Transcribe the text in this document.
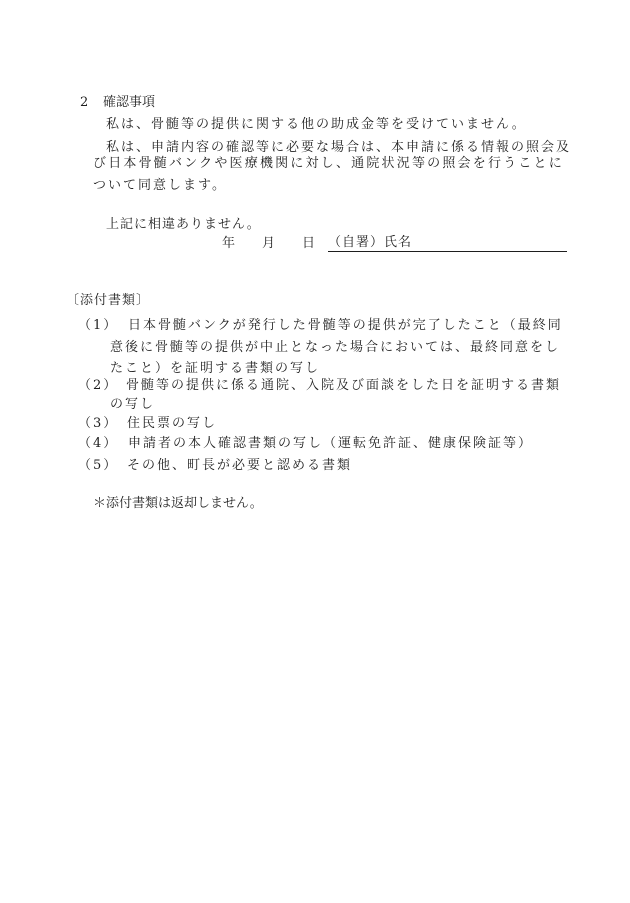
2 確認事項
私は、骨髄等の提供に関する他の助成金等を受けていません。
私は、申請内容の確認等に必要な場合は、本申請に係る情報の照会及
び日本骨髄バンクや医療機関に対し、通院状況等の照会を行うことに
ついて同意します。
上記に相違ありません。
年 月 日 （自署）氏名
〔添付書類〕
（1） 日本骨髄バンクが発行した骨髄等の提供が完了したこと（最終同
意後に骨髄等の提供が中止となった場合においては、最終同意をし
たこと）を証明する書類の写し
（2） 骨髄等の提供に係る通院、入院及び面談をした日を証明する書類
の写し
（3） 住民票の写し
（4） 申請者の本人確認書類の写し（運転免許証、健康保険証等）
（5） その他、町長が必要と認める書類
＊添付書類は返却しません。
